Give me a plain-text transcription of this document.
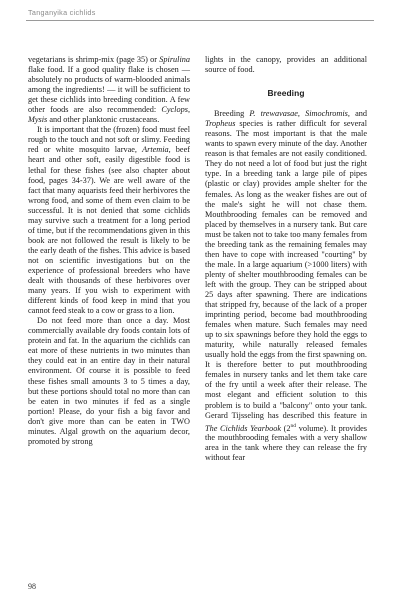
Tanganyika cichlids

vegetarians is shrimp-mix (page 35) or Spirulina flake food. If a good quality flake is chosen — absolutely no products of warm-blooded animals among the ingredients! — it will be sufficient to get these cichlids into breeding condition. A few other foods are also recommended: Cyclops, Mysis and other planktonic crustaceans.

It is important that the (frozen) food must feel rough to the touch and not soft or slimy. Feeding red or white mosquito larvae, Artemia, beef heart and other soft, easily digestible food is lethal for these fishes (see also chapter about food, pages 34-37). We are well aware of the fact that many aquarists feed their herbivores the wrong food, and some of them even claim to be successful. It is not denied that some cichlids may survive such a treatment for a long period of time, but if the recommendations given in this book are not followed the result is likely to be the early death of the fishes. This advice is based not on scientific investigations but on the experience of professional breeders who have dealt with thousands of these herbivores over many years. If you wish to experiment with different kinds of food keep in mind that you cannot feed steak to a cow or grass to a lion.

Do not feed more than once a day. Most commercially available dry foods contain lots of protein and fat. In the aquarium the cichlids can eat more of these nutrients in two minutes than they could eat in an entire day in their natural environment. Of course it is possible to feed these fishes small amounts 3 to 5 times a day, but these portions should total no more than can be eaten in two minutes if fed as a single portion! Please, do your fish a big favor and don't give more than can be eaten in TWO minutes. Algal growth on the aquarium decor, promoted by strong

lights in the canopy, provides an additional source of food.

Breeding

Breeding P. trewavasae, Simochromis, and Tropheus species is rather difficult for several reasons. The most important is that the male wants to spawn every minute of the day. Another reason is that females are not easily conditioned. They do not need a lot of food but just the right type. In a breeding tank a large pile of pipes (plastic or clay) provides ample shelter for the females. As long as the weaker fishes are out of the male's sight he will not chase them. Mouthbrooding females can be removed and placed by themselves in a nursery tank. But care must be taken not to take too many females from the breeding tank as the remaining females may then have to cope with increased "courting" by the male. In a large aquarium (>1000 liters) with plenty of shelter mouthbrooding females can be left with the group. They can be stripped about 25 days after spawning. There are indications that stripped fry, because of the lack of a proper imprinting period, become bad mouthbrooding females when mature. Such females may need up to six spawnings before they hold the eggs to maturity, while naturally released females usually hold the eggs from the first spawning on. It is therefore better to put mouthbrooding females in nursery tanks and let them take care of the fry until a week after their release. The most elegant and efficient solution to this problem is to build a "balcony" onto your tank. Gerard Tijsseling has described this feature in The Cichlids Yearbook (2nd volume). It provides the mouthbrooding females with a very shallow area in the tank where they can release the fry without fear

98
